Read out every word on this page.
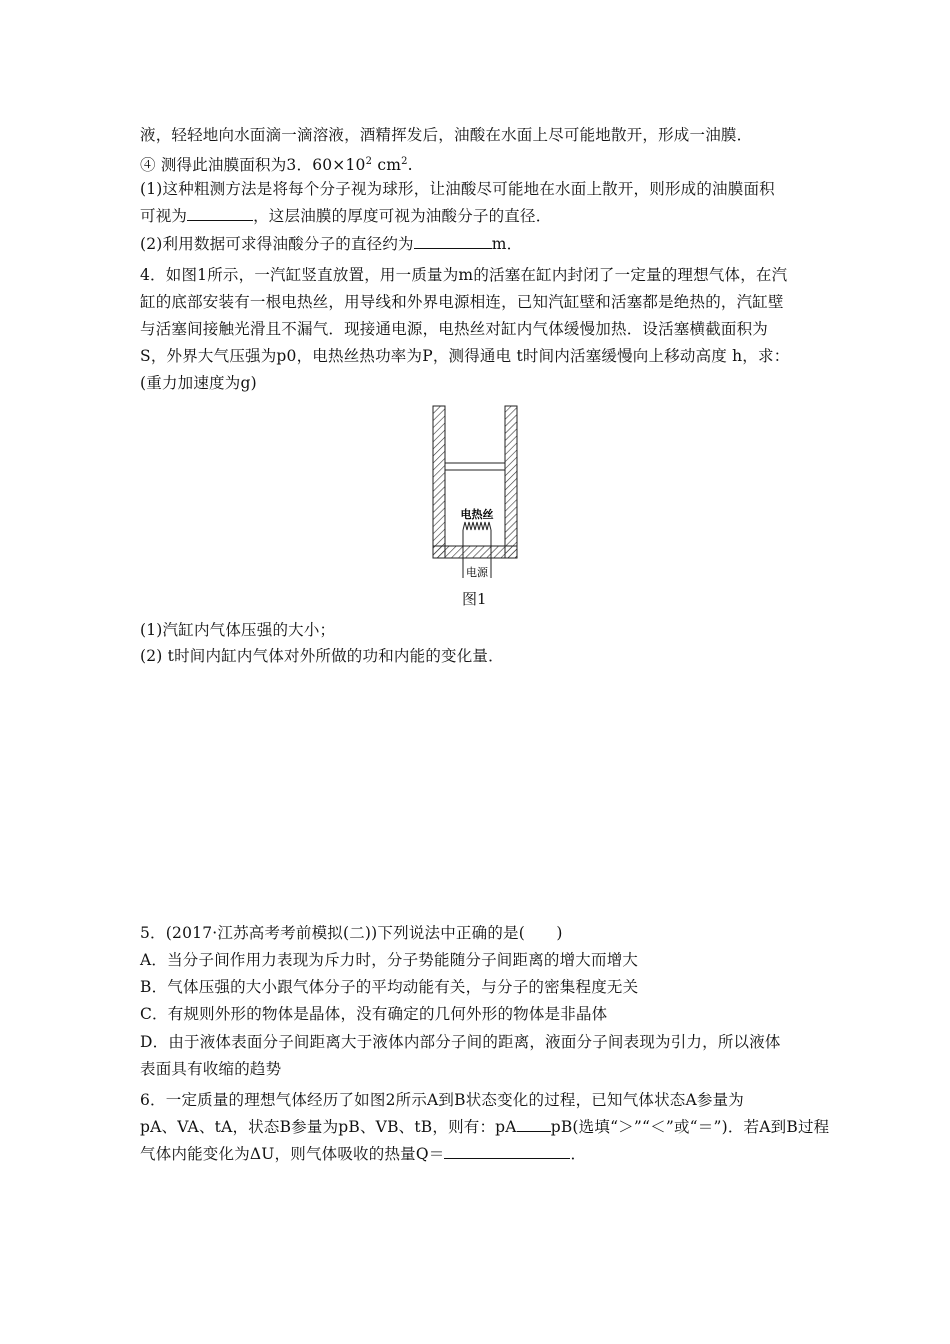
液，轻轻地向水面滴一滴溶液，酒精挥发后，油酸在水面上尽可能地散开，形成一油膜．
④ 测得此油膜面积为3．$60\times 10^2$ $cm^2$.
(1)这种粗测方法是将每个分子视为球形，让油酸尽可能地在水面上散开，则形成的油膜面积
可视为	，这层油膜的厚度可视为油酸分子的直径．
(2)利用数据可求得油酸分子的直径约为	m．
4．如图1所示，一汽缸竖直放置，用一质量为m的活塞在缸内封闭了一定量的理想气体，在汽
缸的底部安装有一根电热丝，用导线和外界电源相连，已知汽缸壁和活塞都是绝热的，汽缸壁
与活塞间接触光滑且不漏气．现接通电源，电热丝对缸内气体缓慢加热．设活塞横截面积为
S，外界大气压强为p0，电热丝热功率为P，测得通电 t时间内活塞缓慢向上移动高度 h，求：
(重力加速度为g)
电热丝
电源
图1
(1)汽缸内气体压强的大小；
(2) t时间内缸内气体对外所做的功和内能的变化量．
5．(2017·江苏高考考前模拟(二))下列说法中正确的是(　　)
A．当分子间作用力表现为斥力时，分子势能随分子间距离的增大而增大
B．气体压强的大小跟气体分子的平均动能有关，与分子的密集程度无关
C．有规则外形的物体是晶体，没有确定的几何外形的物体是非晶体
D．由于液体表面分子间距离大于液体内部分子间的距离，液面分子间表现为引力，所以液体
表面具有收缩的趋势
6．一定质量的理想气体经历了如图2所示A到B状态变化的过程，已知气体状态A参量为
pA、VA、tA，状态B参量为pB、VB、tB，则有：pA pB(选填“＞”“＜”或“＝”)．若A到B过程
气体内能变化为ΔU，则气体吸收的热量Q＝	．
